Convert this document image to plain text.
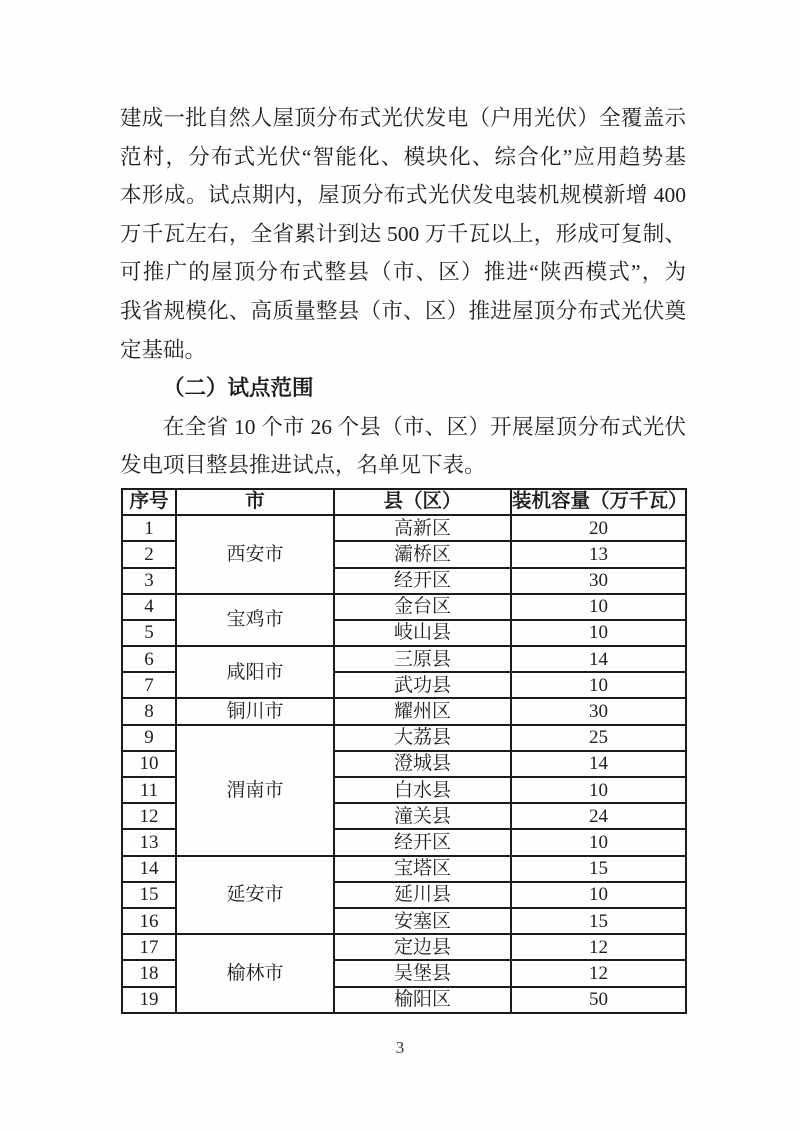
建成一批自然人屋顶分布式光伏发电（户用光伏）全覆盖示
范村，分布式光伏“智能化、模块化、综合化”应用趋势基
本形成。试点期内，屋顶分布式光伏发电装机规模新增 400
万千瓦左右，全省累计到达 500 万千瓦以上，形成可复制、
可推广的屋顶分布式整县（市、区）推进“陕西模式”，为
我省规模化、高质量整县（市、区）推进屋顶分布式光伏奠
定基础。
（二）试点范围
在全省 10 个市 26 个县（市、区）开展屋顶分布式光伏
发电项目整县推进试点，名单见下表。
序号	市	县（区）	装机容量（万千瓦）
1	西安市	高新区	20
2		灞桥区	13
3		经开区	30
4	宝鸡市	金台区	10
5		岐山县	10
6	咸阳市	三原县	14
7		武功县	10
8	铜川市	耀州区	30
9	渭南市	大荔县	25
10		澄城县	14
11		白水县	10
12		潼关县	24
13		经开区	10
14	延安市	宝塔区	15
15		延川县	10
16		安塞区	15
17	榆林市	定边县	12
18		吴堡县	12
19		榆阳区	50
3
